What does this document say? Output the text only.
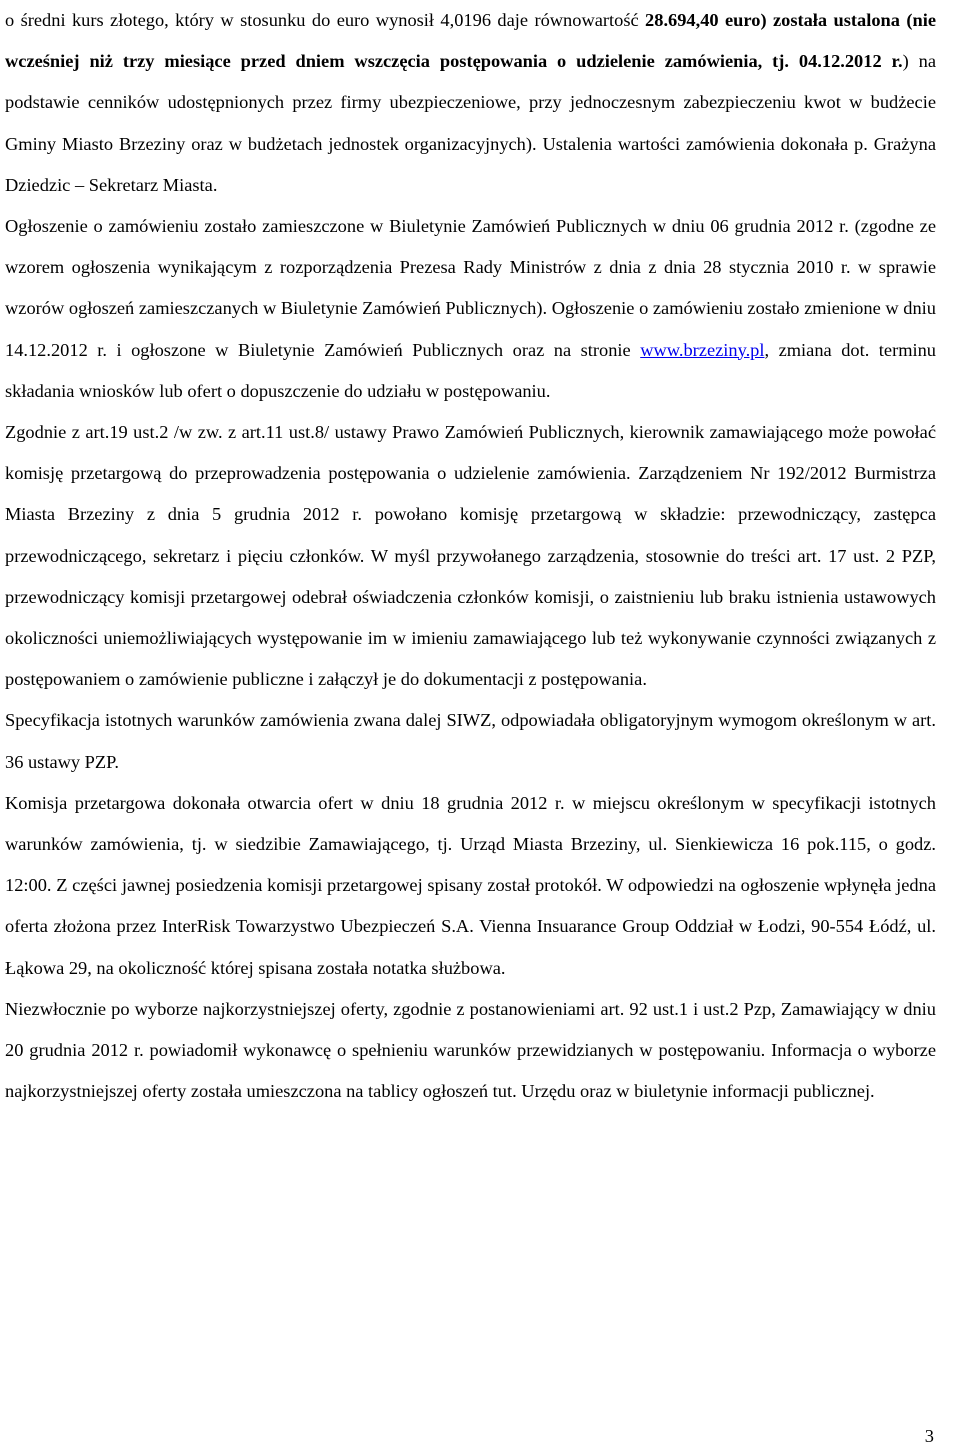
o średni kurs złotego, który w stosunku do euro wynosił 4,0196 daje równowartość 28.694,40 euro) została ustalona (nie wcześniej niż trzy miesiące przed dniem wszczęcia postępowania o udzielenie zamówienia, tj. 04.12.2012 r.) na podstawie cenników udostępnionych przez firmy ubezpieczeniowe, przy jednoczesnym zabezpieczeniu kwot w budżecie Gminy Miasto Brzeziny oraz w budżetach jednostek organizacyjnych). Ustalenia wartości zamówienia dokonała p. Grażyna Dziedzic – Sekretarz Miasta.

Ogłoszenie o zamówieniu zostało zamieszczone w Biuletynie Zamówień Publicznych w dniu 06 grudnia 2012 r. (zgodne ze wzorem ogłoszenia wynikającym z rozporządzenia Prezesa Rady Ministrów z dnia z dnia 28 stycznia 2010 r. w sprawie wzorów ogłoszeń zamieszczanych w Biuletynie Zamówień Publicznych). Ogłoszenie o zamówieniu zostało zmienione w dniu 14.12.2012 r. i ogłoszone w Biuletynie Zamówień Publicznych oraz na stronie www.brzeziny.pl, zmiana dot. terminu składania wniosków lub ofert o dopuszczenie do udziału w postępowaniu.

Zgodnie z art.19 ust.2 /w zw. z art.11 ust.8/ ustawy Prawo Zamówień Publicznych, kierownik zamawiającego może powołać komisję przetargową do przeprowadzenia postępowania o udzielenie zamówienia. Zarządzeniem Nr 192/2012 Burmistrza Miasta Brzeziny z dnia 5 grudnia 2012 r. powołano komisję przetargową w składzie: przewodniczący, zastępca przewodniczącego, sekretarz i pięciu członków. W myśl przywołanego zarządzenia, stosownie do treści art. 17 ust. 2 PZP, przewodniczący komisji przetargowej odebrał oświadczenia członków komisji, o zaistnieniu lub braku istnienia ustawowych okoliczności uniemożliwiających występowanie im w imieniu zamawiającego lub też wykonywanie czynności związanych z postępowaniem o zamówienie publiczne i załączył je do dokumentacji z postępowania.

Specyfikacja istotnych warunków zamówienia zwana dalej SIWZ, odpowiadała obligatoryjnym wymogom określonym w art. 36 ustawy PZP.

Komisja przetargowa dokonała otwarcia ofert w dniu 18 grudnia 2012 r. w miejscu określonym w specyfikacji istotnych warunków zamówienia, tj. w siedzibie Zamawiającego, tj. Urząd Miasta Brzeziny, ul. Sienkiewicza 16 pok.115, o godz. 12:00. Z części jawnej posiedzenia komisji przetargowej spisany został protokół. W odpowiedzi na ogłoszenie wpłynęła jedna oferta złożona przez InterRisk Towarzystwo Ubezpieczeń S.A. Vienna Insuarance Group Oddział w Łodzi, 90-554 Łódź, ul. Łąkowa 29, na okoliczność której spisana została notatka służbowa.

Niezwłocznie po wyborze najkorzystniejszej oferty, zgodnie z postanowieniami art. 92 ust.1 i ust.2 Pzp, Zamawiający w dniu 20 grudnia 2012 r. powiadomił wykonawcę o spełnieniu warunków przewidzianych w postępowaniu. Informacja o wyborze najkorzystniejszej oferty została umieszczona na tablicy ogłoszeń tut. Urzędu oraz w biuletynie informacji publicznej.

3
